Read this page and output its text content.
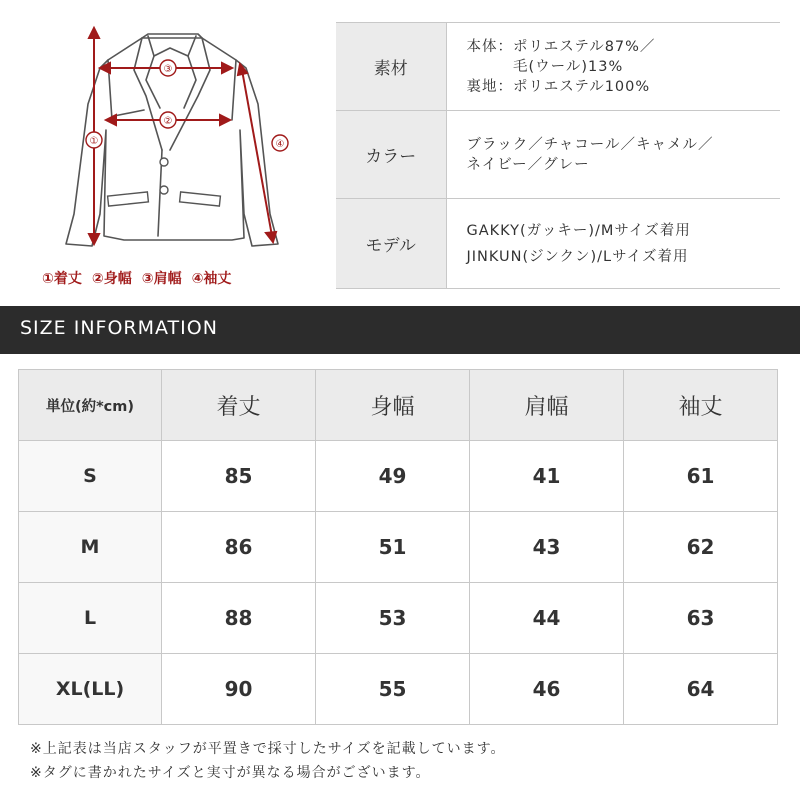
①
②
③
④
①着丈 ②身幅 ③肩幅 ④袖丈
素材	本体：ポリエステル87%／
　　　毛(ウール)13%
裏地：ポリエステル100%

カラー	ブラック／チャコール／キャメル／
ネイビー／グレー

モデル	GAKKY(ガッキー)/Mサイズ着用
JINKUN(ジンクン)/Lサイズ着用
SIZE INFORMATION
単位(約*cm)	着丈	身幅	肩幅	袖丈
S	85	49	41	61
M	86	51	43	62
L	88	53	44	63
XL(LL)	90	55	46	64
※上記表は当店スタッフが平置きで採寸したサイズを記載しています。
※タグに書かれたサイズと実寸が異なる場合がございます。
